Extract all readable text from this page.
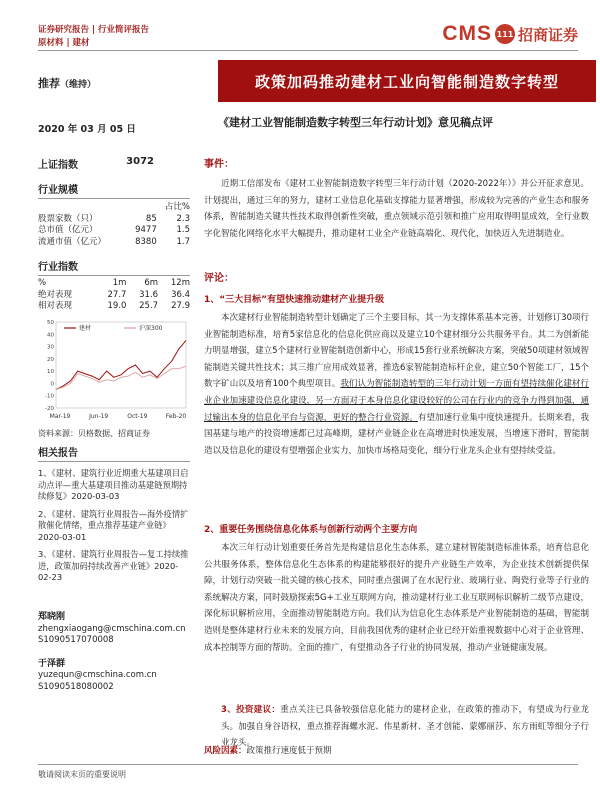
证券研究报告 | 行业简评报告
原材料 | 建材	CMS 111 招商证券
推荐（维持）	政策加码推动建材工业向智能制造数字转型
2020 年 03 月 05 日
《建材工业智能制造数字转型三年行动计划》意见稿点评
上证指数	3072
行业规模
		占比%
股票家数（只）	85	2.3
总市值（亿元）	9477	1.5
流通市值（亿元）	8380	1.7
行业指数
%	1m	6m	12m
绝对表现	27.7	31.6	36.4
相对表现	19.0	25.7	27.9
50
40
30
20
10
0
-10
-20
建材	沪深300
Mar-19	Jun-19	Oct-19	Feb-20
资料来源：贝格数据、招商证券
相关报告
1、《建材、建筑行业近期重大基建项目启动点评—重大基建项目推动基建链预期持续修复》2020-03-03
2、《建材、建筑行业周报告—海外疫情扩散催化情绪，重点推荐基建产业链》2020-03-01
3、《建材、建筑行业周报告—复工持续推进，政策加码持续改善产业链》2020-02-23
郑晓刚
zhengxiaogang@cmschina.com.cn
S1090517070008
于泽群
yuzequn@cmschina.com.cn
S1090518080002
事件：
近期工信部发布《建材工业智能制造数字转型三年行动计划（2020-2022年）》并公开征求意见。计划提出，通过三年的努力，建材工业信息化基础支撑能力显著增强，形成较为完善的产业生态和服务体系，智能制造关键共性技术取得创新性突破，重点领域示范引领和推广应用取得明显成效，全行业数字化智能化网络化水平大幅提升，推动建材工业全产业链高端化、现代化，加快迈入先进制造业。
评论：
1、“三大目标”有望快速推动建材产业提升级
本次建材行业智能制造转型计划确定了三个主要目标，其一为支撑体系基本完善，计划修订30项行业智能制造标准，培育5家信息化的信息化供应商以及建立10个建材细分公共服务平台。其二为创新能力明显增强，建立5个建材行业智能制造创新中心，形成15套行业系统解决方案，突破50项建材领域智能制造关键共性技术；其三推广应用成效显著，推选6家智能制造标杆企业，建立50个智能工厂，15个数字矿山以及培育100个典型项目。我们认为智能制造转型的三年行动计划一方面有望持续催化建材行业企业加速建设信息化建设，另一方面对于本身信息化建设较好的公司在行业内的竞争力得到加强，通过输出本身的信息化平台与资源，更好的整合行业资源。有望加速行业集中度快速提升。长期来看，我国基建与地产的投资增速都已过高峰期，建材产业链企业在高增进时快速发展，当增速下滑时，智能制造以及信息化的建设有望增强企业实力，加快市场格局变化，细分行业龙头企业有望持续受益。
2、重要任务围绕信息化体系与创新行动两个主要方向
本次三年行动计划重要任务首先是构建信息化生态体系，建立建材智能制造标准体系，培育信息化公共服务体系，整体信息化生态体系的构建能够很好的提升产业链生产效率，为企业技术创新提供保障，计划行动突破一批关键的核心技术，同时重点强调了在水泥行业、玻璃行业、陶瓷行业等子行业的系统解决方案，同时鼓励探索5G+工业互联网方向，推动建材行业工业互联网标识解析二级节点建设，深化标识解析应用，全面推动智能制造方向。我们认为信息化生态体系是产业智能制造的基础，智能制造则是整体建材行业未来的发展方向，目前我国优秀的建材企业已经开始重视数据中心对于企业管理、成本控制等方面的帮助。全面的推广，有望推动各子行业的协同发展，推动产业链健康发展。
3、投资建议：重点关注已具备较强信息化能力的建材企业，在政策的推动下，有望成为行业龙头。加强自身谷语权，重点推荐海螺水泥、伟星新材、圣才创能、蒙娜丽莎、东方雨虹等细分子行业龙头。
风险因素：政策推行速度低于预期
敬请阅读末页的重要说明
